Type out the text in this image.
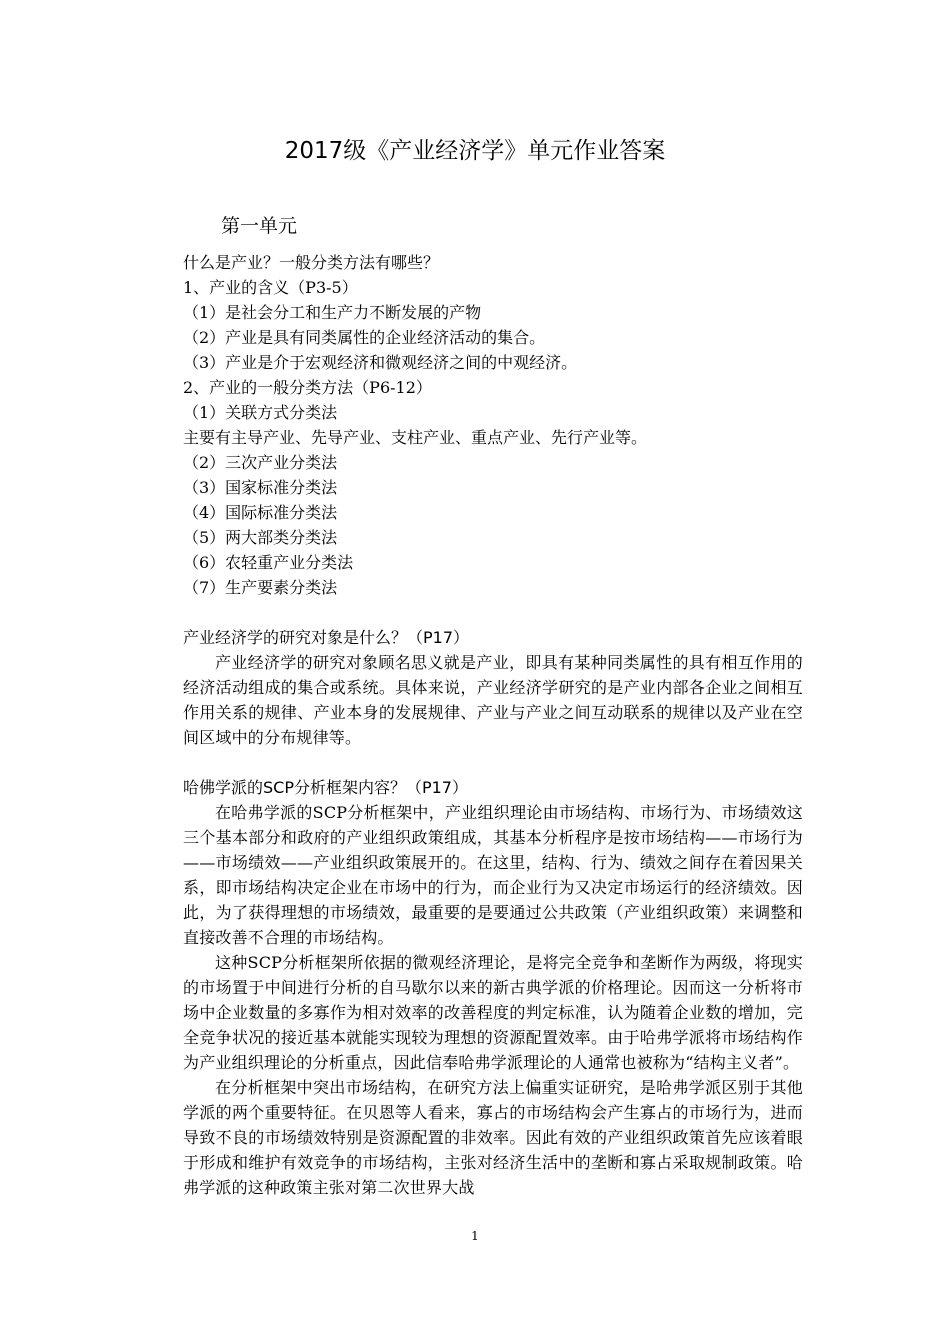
2017级《产业经济学》单元作业答案
第一单元
什么是产业？一般分类方法有哪些？
1、产业的含义（P3-5）
（1）是社会分工和生产力不断发展的产物
（2）产业是具有同类属性的企业经济活动的集合。
（3）产业是介于宏观经济和微观经济之间的中观经济。
2、产业的一般分类方法（P6-12）
（1）关联方式分类法
主要有主导产业、先导产业、支柱产业、重点产业、先行产业等。
（2）三次产业分类法
（3）国家标准分类法
（4）国际标准分类法
（5）两大部类分类法
（6）农轻重产业分类法
（7）生产要素分类法
产业经济学的研究对象是什么？（P17）

产业经济学的研究对象顾名思义就是产业，即具有某种同类属性的具有相互作用的经济活动组成的集合或系统。具体来说，产业经济学研究的是产业内部各企业之间相互作用关系的规律、产业本身的发展规律、产业与产业之间互动联系的规律以及产业在空间区域中的分布规律等。

哈佛学派的SCP分析框架内容？（P17）

在哈弗学派的SCP分析框架中，产业组织理论由市场结构、市场行为、市场绩效这三个基本部分和政府的产业组织政策组成，其基本分析程序是按市场结构——市场行为——市场绩效——产业组织政策展开的。在这里，结构、行为、绩效之间存在着因果关系，即市场结构决定企业在市场中的行为，而企业行为又决定市场运行的经济绩效。因此，为了获得理想的市场绩效，最重要的是要通过公共政策（产业组织政策）来调整和直接改善不合理的市场结构。

这种SCP分析框架所依据的微观经济理论，是将完全竞争和垄断作为两级，将现实的市场置于中间进行分析的自马歇尔以来的新古典学派的价格理论。因而这一分析将市场中企业数量的多寡作为相对效率的改善程度的判定标准，认为随着企业数的增加，完全竞争状况的接近基本就能实现较为理想的资源配置效率。由于哈弗学派将市场结构作为产业组织理论的分析重点，因此信奉哈弗学派理论的人通常也被称为“结构主义者”。

在分析框架中突出市场结构，在研究方法上偏重实证研究，是哈弗学派区别于其他学派的两个重要特征。在贝恩等人看来，寡占的市场结构会产生寡占的市场行为，进而导致不良的市场绩效特别是资源配置的非效率。因此有效的产业组织政策首先应该着眼于形成和维护有效竞争的市场结构，主张对经济生活中的垄断和寡占采取规制政策。哈弗学派的这种政策主张对第二次世界大战

1
